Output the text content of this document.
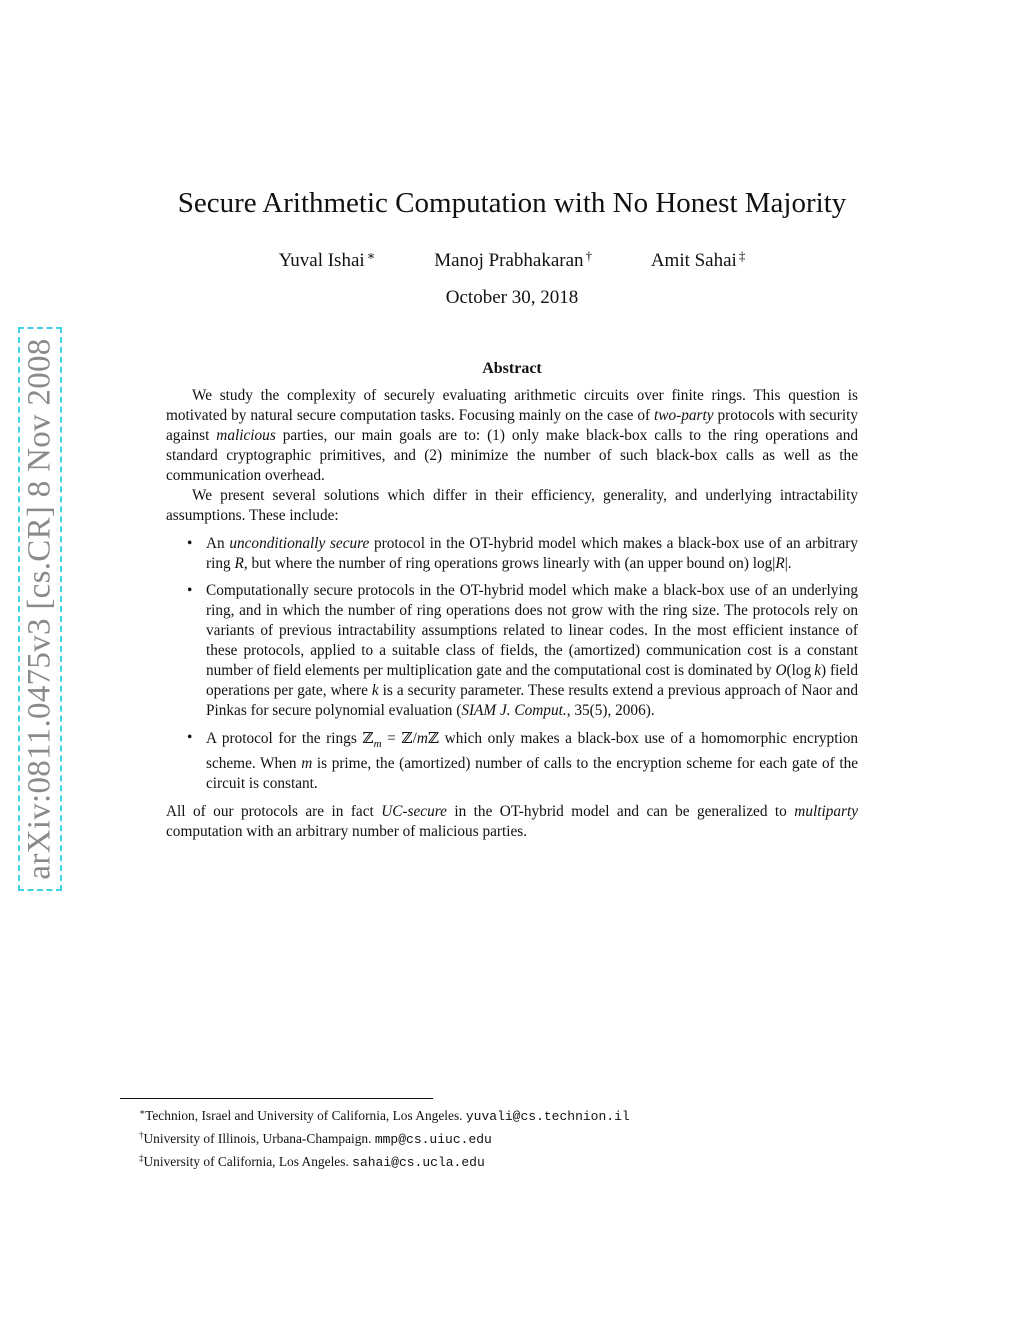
arXiv:0811.0475v3 [cs.CR] 8 Nov 2008
Secure Arithmetic Computation with No Honest Majority
Yuval Ishai ∗	Manoj Prabhakaran †	Amit Sahai ‡
October 30, 2018
Abstract

We study the complexity of securely evaluating arithmetic circuits over finite rings. This question is motivated by natural secure computation tasks. Focusing mainly on the case of two-party protocols with security against malicious parties, our main goals are to: (1) only make black-box calls to the ring operations and standard cryptographic primitives, and (2) minimize the number of such black-box calls as well as the communication overhead.

We present several solutions which differ in their efficiency, generality, and underlying intractability assumptions. These include:

• An unconditionally secure protocol in the OT-hybrid model which makes a black-box use of an arbitrary ring R, but where the number of ring operations grows linearly with (an upper bound on) log|R|.
• Computationally secure protocols in the OT-hybrid model which make a black-box use of an underlying ring, and in which the number of ring operations does not grow with the ring size. The protocols rely on variants of previous intractability assumptions related to linear codes. In the most efficient instance of these protocols, applied to a suitable class of fields, the (amortized) communication cost is a constant number of field elements per multiplication gate and the computational cost is dominated by O(log  k) field operations per gate, where k is a security parameter. These results extend a previous approach of Naor and Pinkas for secure polynomial evaluation (SIAM J. Comput., 35(5), 2006).
• A protocol for the rings ℤ$_m$ = ℤ/mℤ which only makes a black-box use of a homomorphic encryption scheme. When m is prime, the (amortized) number of calls to the encryption scheme for each gate of the circuit is constant.

All of our protocols are in fact UC-secure in the OT-hybrid model and can be generalized to multiparty computation with an arbitrary number of malicious parties.

∗Technion, Israel and University of California, Los Angeles. yuvali@cs.technion.il
†University of Illinois, Urbana-Champaign. mmp@cs.uiuc.edu
‡University of California, Los Angeles. sahai@cs.ucla.edu
